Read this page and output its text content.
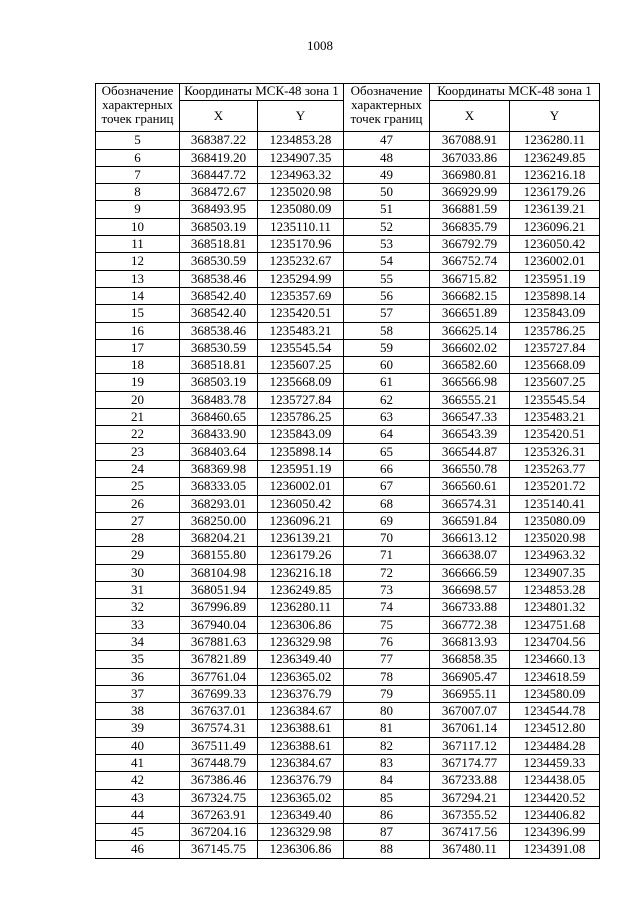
1008
Обозначение характерных точек границ	Координаты МСК-48 зона 1		Обозначение характерных точек границ	Координаты МСК-48 зона 1	
	X	Y		X	Y
5	368387.22	1234853.28	47	367088.91	1236280.11
6	368419.20	1234907.35	48	367033.86	1236249.85
7	368447.72	1234963.32	49	366980.81	1236216.18
8	368472.67	1235020.98	50	366929.99	1236179.26
9	368493.95	1235080.09	51	366881.59	1236139.21
10	368503.19	1235110.11	52	366835.79	1236096.21
11	368518.81	1235170.96	53	366792.79	1236050.42
12	368530.59	1235232.67	54	366752.74	1236002.01
13	368538.46	1235294.99	55	366715.82	1235951.19
14	368542.40	1235357.69	56	366682.15	1235898.14
15	368542.40	1235420.51	57	366651.89	1235843.09
16	368538.46	1235483.21	58	366625.14	1235786.25
17	368530.59	1235545.54	59	366602.02	1235727.84
18	368518.81	1235607.25	60	366582.60	1235668.09
19	368503.19	1235668.09	61	366566.98	1235607.25
20	368483.78	1235727.84	62	366555.21	1235545.54
21	368460.65	1235786.25	63	366547.33	1235483.21
22	368433.90	1235843.09	64	366543.39	1235420.51
23	368403.64	1235898.14	65	366544.87	1235326.31
24	368369.98	1235951.19	66	366550.78	1235263.77
25	368333.05	1236002.01	67	366560.61	1235201.72
26	368293.01	1236050.42	68	366574.31	1235140.41
27	368250.00	1236096.21	69	366591.84	1235080.09
28	368204.21	1236139.21	70	366613.12	1235020.98
29	368155.80	1236179.26	71	366638.07	1234963.32
30	368104.98	1236216.18	72	366666.59	1234907.35
31	368051.94	1236249.85	73	366698.57	1234853.28
32	367996.89	1236280.11	74	366733.88	1234801.32
33	367940.04	1236306.86	75	366772.38	1234751.68
34	367881.63	1236329.98	76	366813.93	1234704.56
35	367821.89	1236349.40	77	366858.35	1234660.13
36	367761.04	1236365.02	78	366905.47	1234618.59
37	367699.33	1236376.79	79	366955.11	1234580.09
38	367637.01	1236384.67	80	367007.07	1234544.78
39	367574.31	1236388.61	81	367061.14	1234512.80
40	367511.49	1236388.61	82	367117.12	1234484.28
41	367448.79	1236384.67	83	367174.77	1234459.33
42	367386.46	1236376.79	84	367233.88	1234438.05
43	367324.75	1236365.02	85	367294.21	1234420.52
44	367263.91	1236349.40	86	367355.52	1234406.82
45	367204.16	1236329.98	87	367417.56	1234396.99
46	367145.75	1236306.86	88	367480.11	1234391.08
